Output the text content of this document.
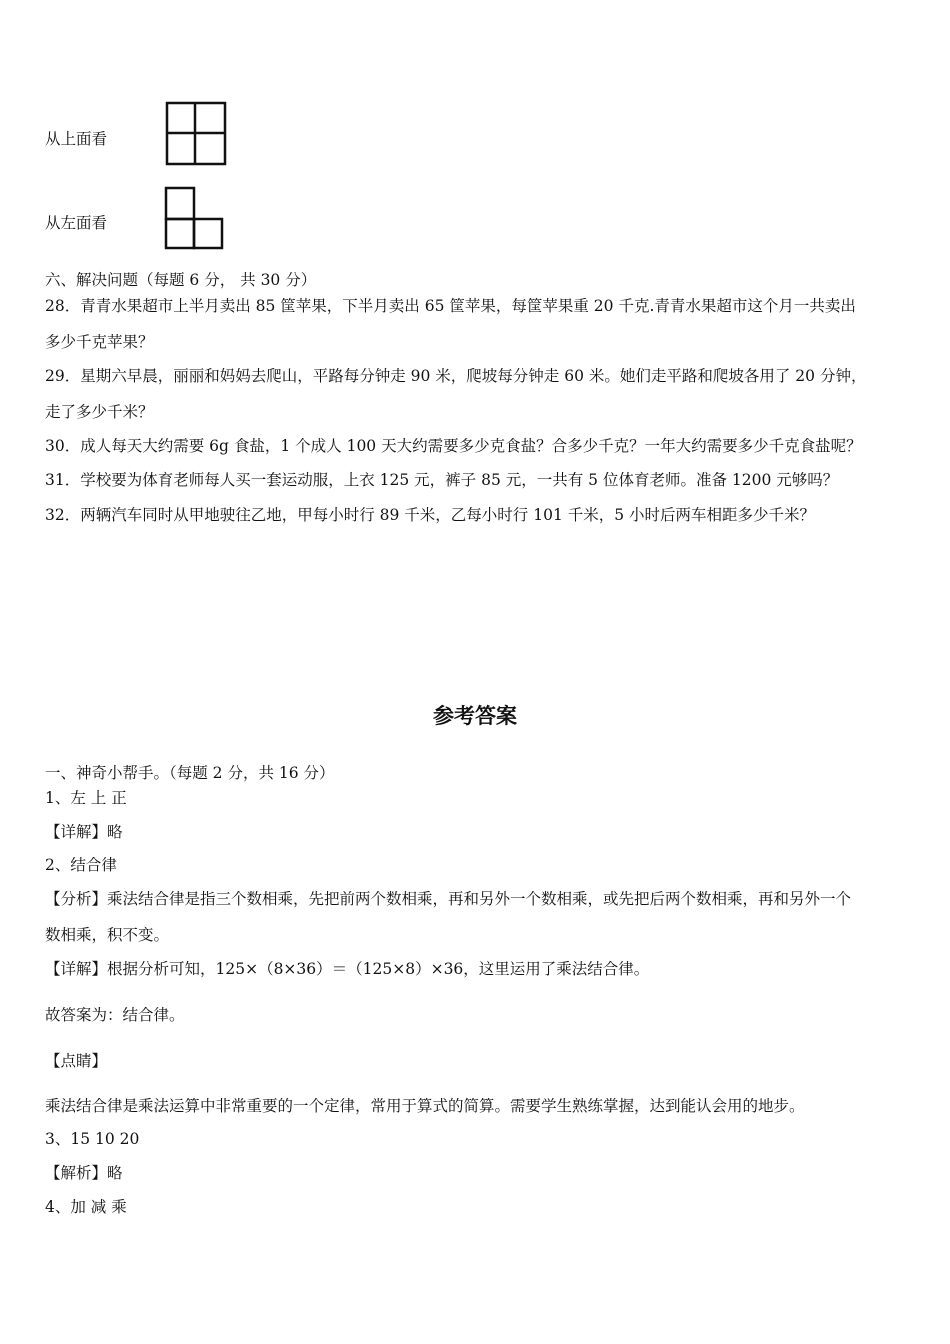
从上面看
从左面看
六、解决问题（每题 6 分， 共 30 分）
28．青青水果超市上半月卖出 85 筐苹果，下半月卖出 65 筐苹果，每筐苹果重 20 千克.青青水果超市这个月一共卖出
多少千克苹果？
29．星期六早晨，丽丽和妈妈去爬山，平路每分钟走 90 米，爬坡每分钟走 60 米。她们走平路和爬坡各用了 20 分钟，
走了多少千米？
30．成人每天大约需要 6g 食盐，1 个成人 100 天大约需要多少克食盐？合多少千克？一年大约需要多少千克食盐呢？
31．学校要为体育老师每人买一套运动服，上衣 125 元，裤子 85 元，一共有 5 位体育老师。准备 1200 元够吗？
32．两辆汽车同时从甲地驶往乙地，甲每小时行 89 千米，乙每小时行 101 千米，5 小时后两车相距多少千米？
参考答案
一、神奇小帮手。（每题 2 分，共 16 分）
1、左 上 正
【详解】略
2、结合律
【分析】乘法结合律是指三个数相乘，先把前两个数相乘，再和另外一个数相乘，或先把后两个数相乘，再和另外一个
数相乘，积不变。
【详解】根据分析可知，125×（8×36）＝（125×8）×36，这里运用了乘法结合律。
故答案为：结合律。
【点睛】
乘法结合律是乘法运算中非常重要的一个定律，常用于算式的简算。需要学生熟练掌握，达到能认会用的地步。
3、15 10 20
【解析】略
4、加 减 乘
